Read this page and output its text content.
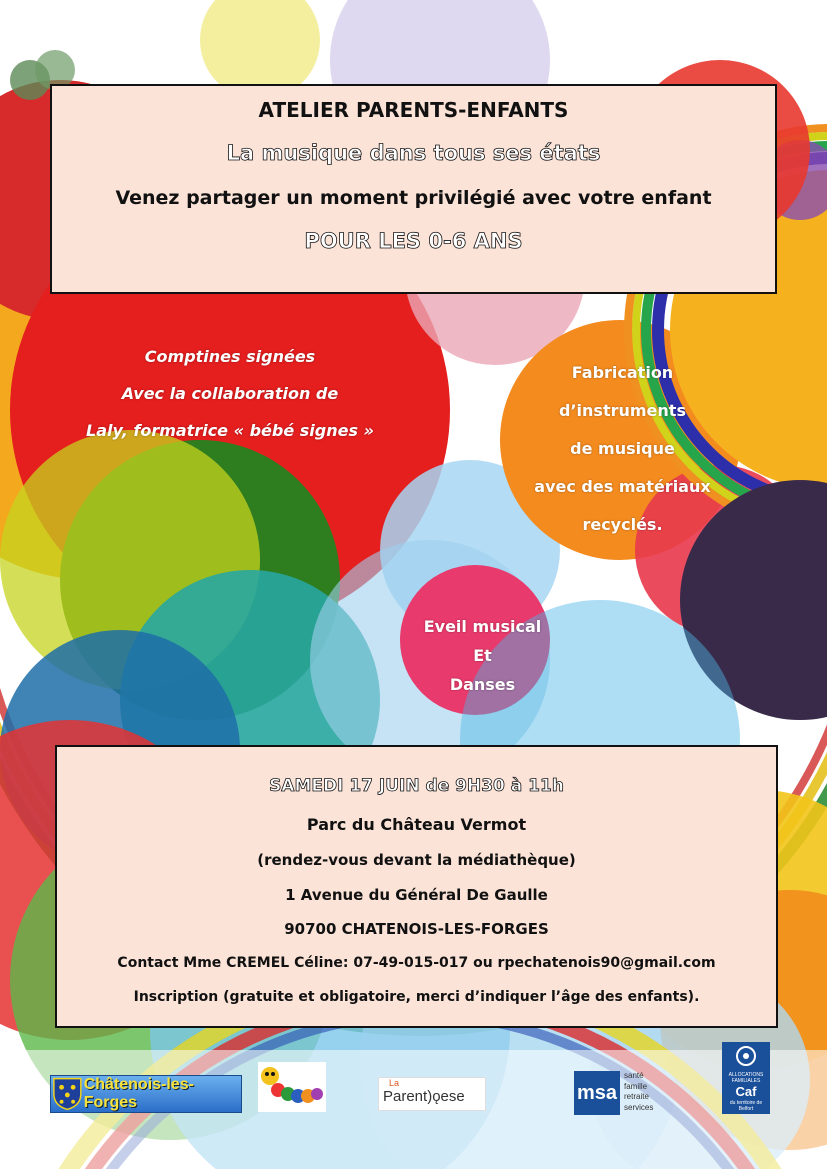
ATELIER PARENTS-ENFANTS
La musique dans tous ses états
Venez partager un moment privilégié avec votre enfant
POUR LES 0-6 ANS
Comptines signées
Avec la collaboration de
Laly, formatrice « bébé signes »
Fabrication
d’instruments
de musique
avec des matériaux
recyclés.
Eveil musical
Et
Danses
SAMEDI 17 JUIN de 9H30 à 11h
Parc du Château Vermot
(rendez-vous devant la médiathèque)
1 Avenue du Général De Gaulle
90700 CHATENOIS-LES-FORGES
Contact Mme CREMEL Céline: 07-49-015-017 ou rpechatenois90@gmail.com
Inscription (gratuite et obligatoire, merci d’indiquer l’âge des enfants).
Châtenois-les-Forges
La
Parent)ǫese	msa
santé
famille
retraite
services
ALLOCATIONS FAMILIALES
Caf
du territoire de Belfort
